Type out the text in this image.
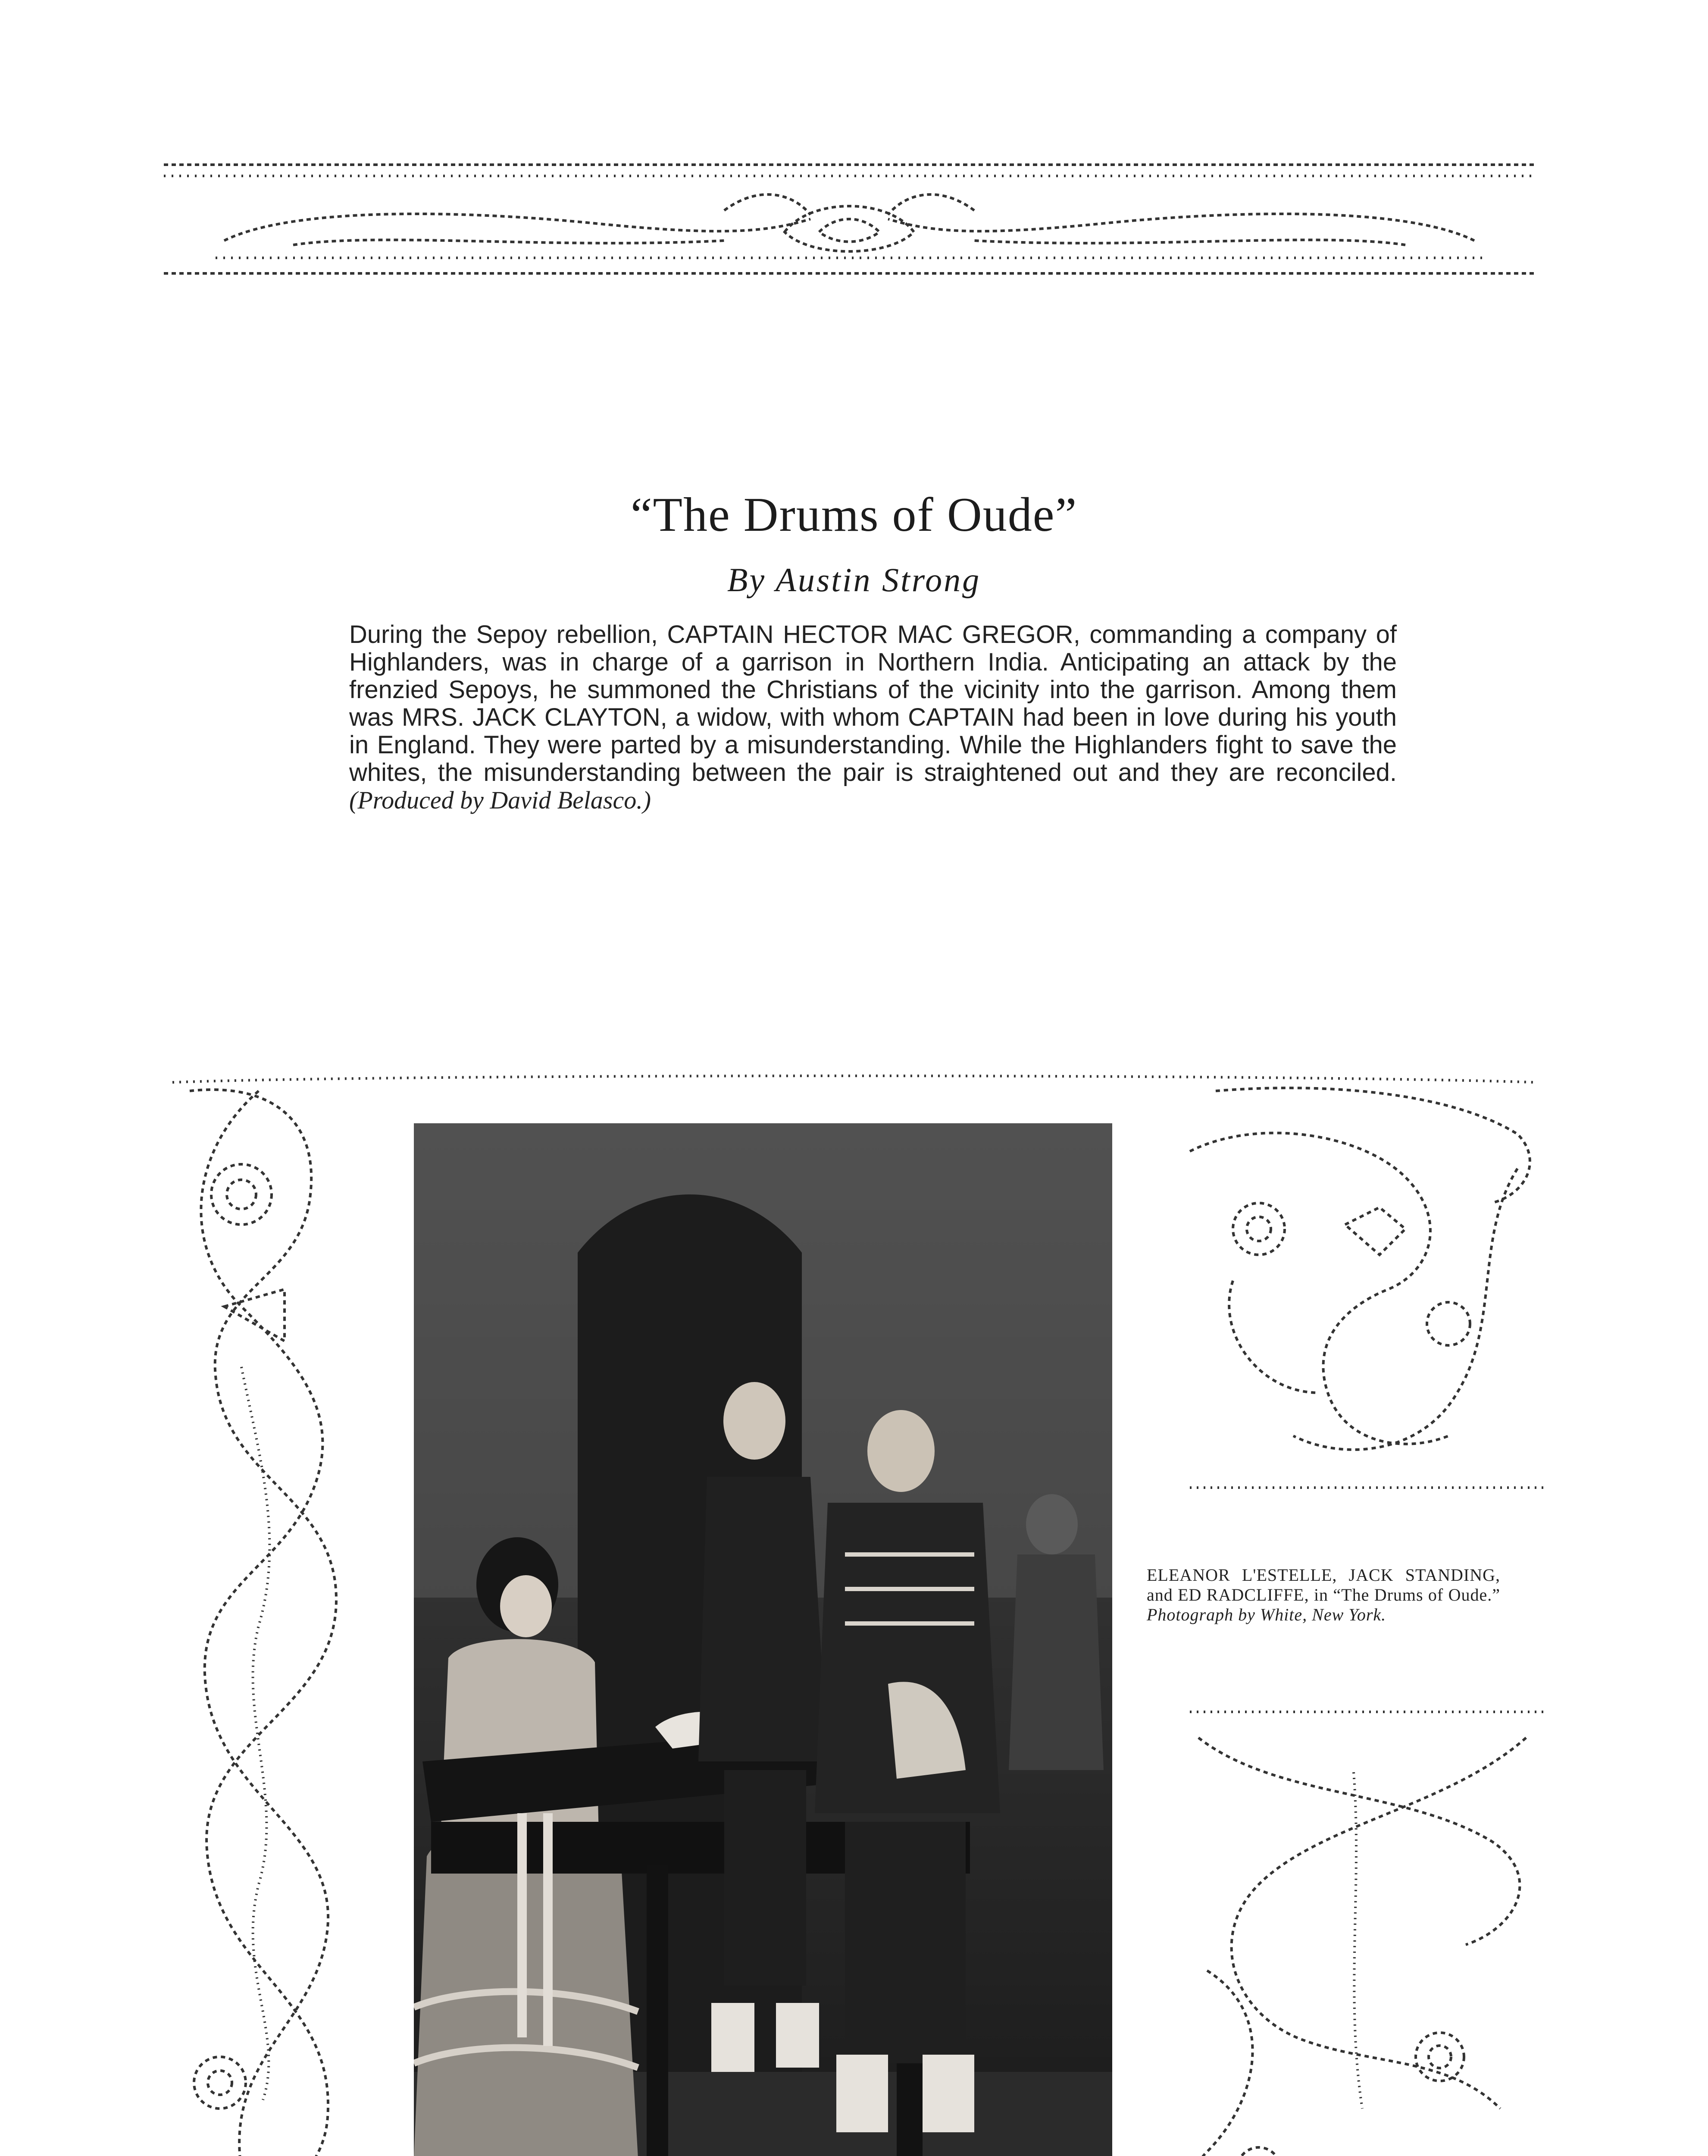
“The Drums of Oude”
By Austin Strong
During the Sepoy rebellion, CAPTAIN HECTOR MAC GREGOR, commanding a company of Highlanders, was in charge of a garrison in Northern India. Anticipating an attack by the frenzied Sepoys, he summoned the Christians of the vicinity into the garrison. Among them was MRS. JACK CLAYTON, a widow, with whom CAPTAIN had been in love during his youth in England. They were parted by a misunderstanding. While the Highlanders fight to save the whites, the misunderstanding between the pair is straightened out and they are reconciled. (Produced by David Belasco.)
ELEANOR L'ESTELLE, JACK STANDING, and ED RADCLIFFE, in “The Drums of Oude.” Photograph by White, New York.
